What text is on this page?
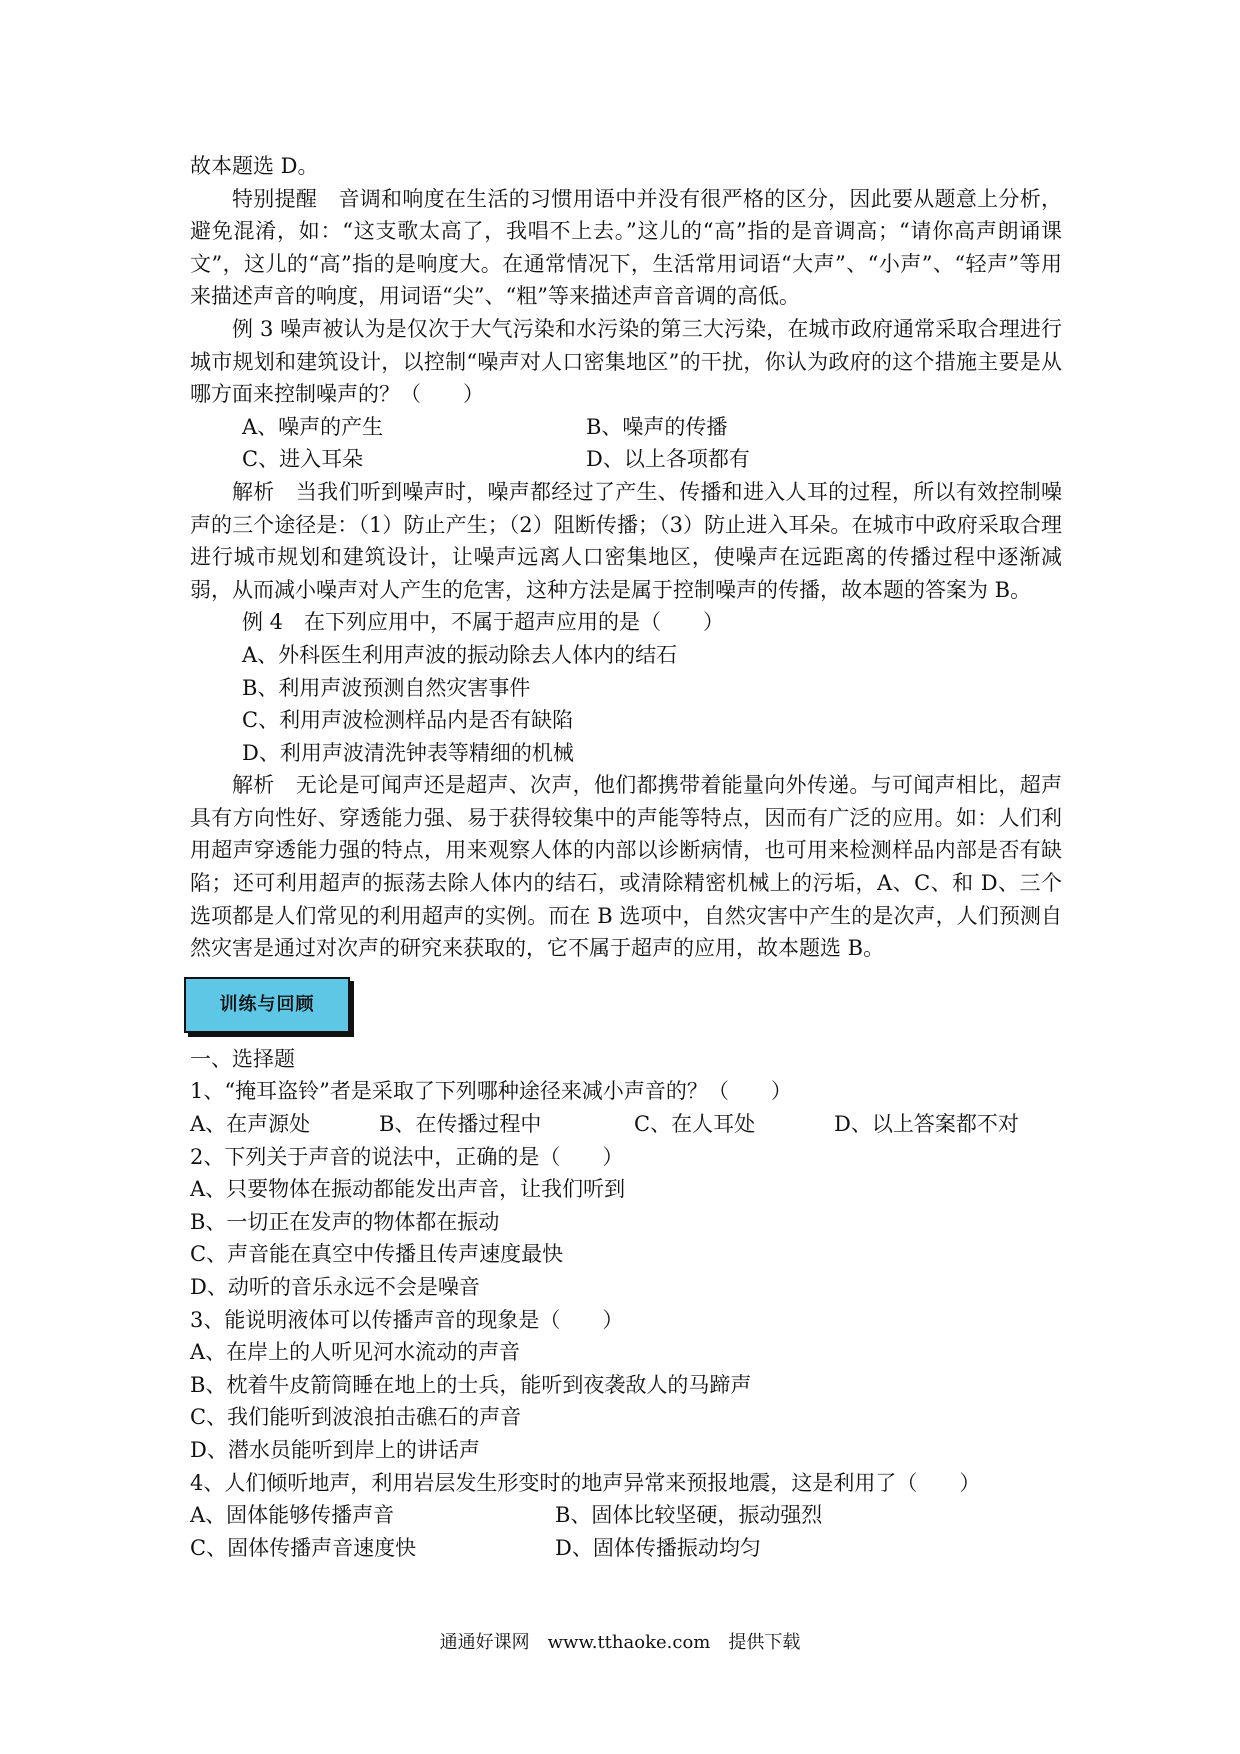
故本题选 D。

特别提醒　音调和响度在生活的习惯用语中并没有很严格的区分，因此要从题意上分析，避免混淆，如：“这支歌太高了，我唱不上去。”这儿的“高”指的是音调高；“请你高声朗诵课文”，这儿的“高”指的是响度大。在通常情况下，生活常用词语“大声”、“小声”、“轻声”等用来描述声音的响度，用词语“尖”、“粗”等来描述声音音调的高低。

例 3 噪声被认为是仅次于大气污染和水污染的第三大污染，在城市政府通常采取合理进行城市规划和建筑设计，以控制“噪声对人口密集地区”的干扰，你认为政府的这个措施主要是从哪方面来控制噪声的？（　　）

A、噪声的产生	B、噪声的传播
C、进入耳朵	D、以上各项都有

解析　当我们听到噪声时，噪声都经过了产生、传播和进入人耳的过程，所以有效控制噪声的三个途径是：（1）防止产生；（2）阻断传播；（3）防止进入耳朵。在城市中政府采取合理进行城市规划和建筑设计，让噪声远离人口密集地区，使噪声在远距离的传播过程中逐渐减弱，从而减小噪声对人产生的危害，这种方法是属于控制噪声的传播，故本题的答案为 B。

例 4　在下列应用中，不属于超声应用的是（　　）

A、外科医生利用声波的振动除去人体内的结石

B、利用声波预测自然灾害事件

C、利用声波检测样品内是否有缺陷

D、利用声波清洗钟表等精细的机械

解析　无论是可闻声还是超声、次声，他们都携带着能量向外传递。与可闻声相比，超声具有方向性好、穿透能力强、易于获得较集中的声能等特点，因而有广泛的应用。如：人们利用超声穿透能力强的特点，用来观察人体的内部以诊断病情，也可用来检测样品内部是否有缺陷；还可利用超声的振荡去除人体内的结石，或清除精密机械上的污垢，A、C、和 D、三个选项都是人们常见的利用超声的实例。而在 B 选项中，自然灾害中产生的是次声，人们预测自然灾害是通过对次声的研究来获取的，它不属于超声的应用，故本题选 B。

训练与回顾

一、选择题

1、“掩耳盗铃”者是采取了下列哪种途径来减小声音的？（　　）

A、在声源处	B、在传播过程中	C、在人耳处	D、以上答案都不对

2、下列关于声音的说法中，正确的是（　　）

A、只要物体在振动都能发出声音，让我们听到

B、一切正在发声的物体都在振动

C、声音能在真空中传播且传声速度最快

D、动听的音乐永远不会是噪音

3、能说明液体可以传播声音的现象是（　　）

A、在岸上的人听见河水流动的声音

B、枕着牛皮箭筒睡在地上的士兵，能听到夜袭敌人的马蹄声

C、我们能听到波浪拍击礁石的声音

D、潜水员能听到岸上的讲话声

4、人们倾听地声，利用岩层发生形变时的地声异常来预报地震，这是利用了（　　）

A、固体能够传播声音	B、固体比较坚硬，振动强烈
C、固体传播声音速度快	D、固体传播振动均匀
通通好课网　www.tthaoke.com　提供下载
